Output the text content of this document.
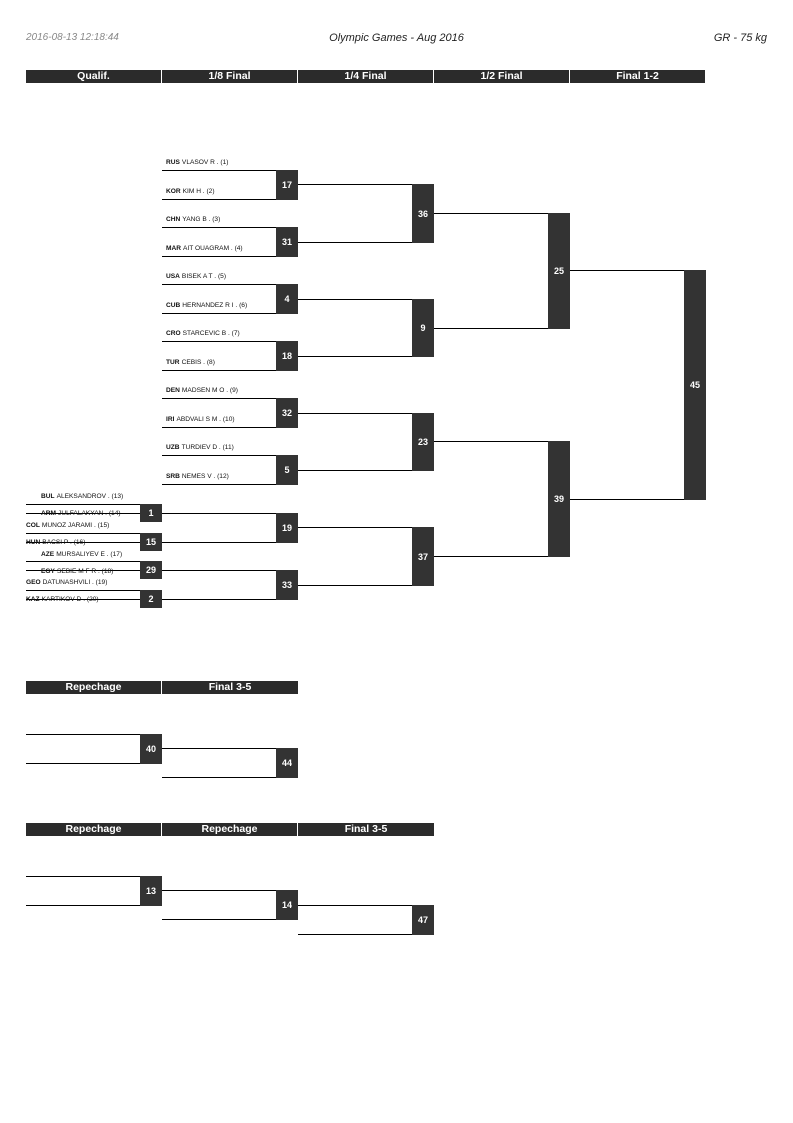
2016-08-13 12:18:44	Olympic Games - Aug 2016	GR - 75 kg
Qualif.	1/8 Final	1/4 Final	1/2 Final	Final 1-2
Repechage	Final 3-5
Repechage	Repechage	Final 3-5
RUS VLASOV R . (1)
KOR KIM H . (2)
CHN YANG B . (3)
MAR AIT OUAGRAM . (4)
USA BISEK A T . (5)
CUB HERNANDEZ R I . (6)
CRO STARCEVIC B . (7)
TUR CEBIS . (8)
DEN MADSEN M O . (9)
IRI ABDVALI S M . (10)
UZB TURDIEV D . (11)
SRB NEMES V . (12)
17
31
4
18
32
5
1
15
29
2
BUL ALEKSANDROV . (13)
ARM JULFALAKYAN . (14)
COL MUNOZ JARAMI . (15)
HUN BACSI P . (16)
AZE MURSALIYEV E . (17)
EGY SEBIE M F R . (18)
GEO DATUNASHVILI . (19)
KAZ KARTIKOV D . (20)
19
33
36
9
23
37
25
39
45
40
44
13
14
47
